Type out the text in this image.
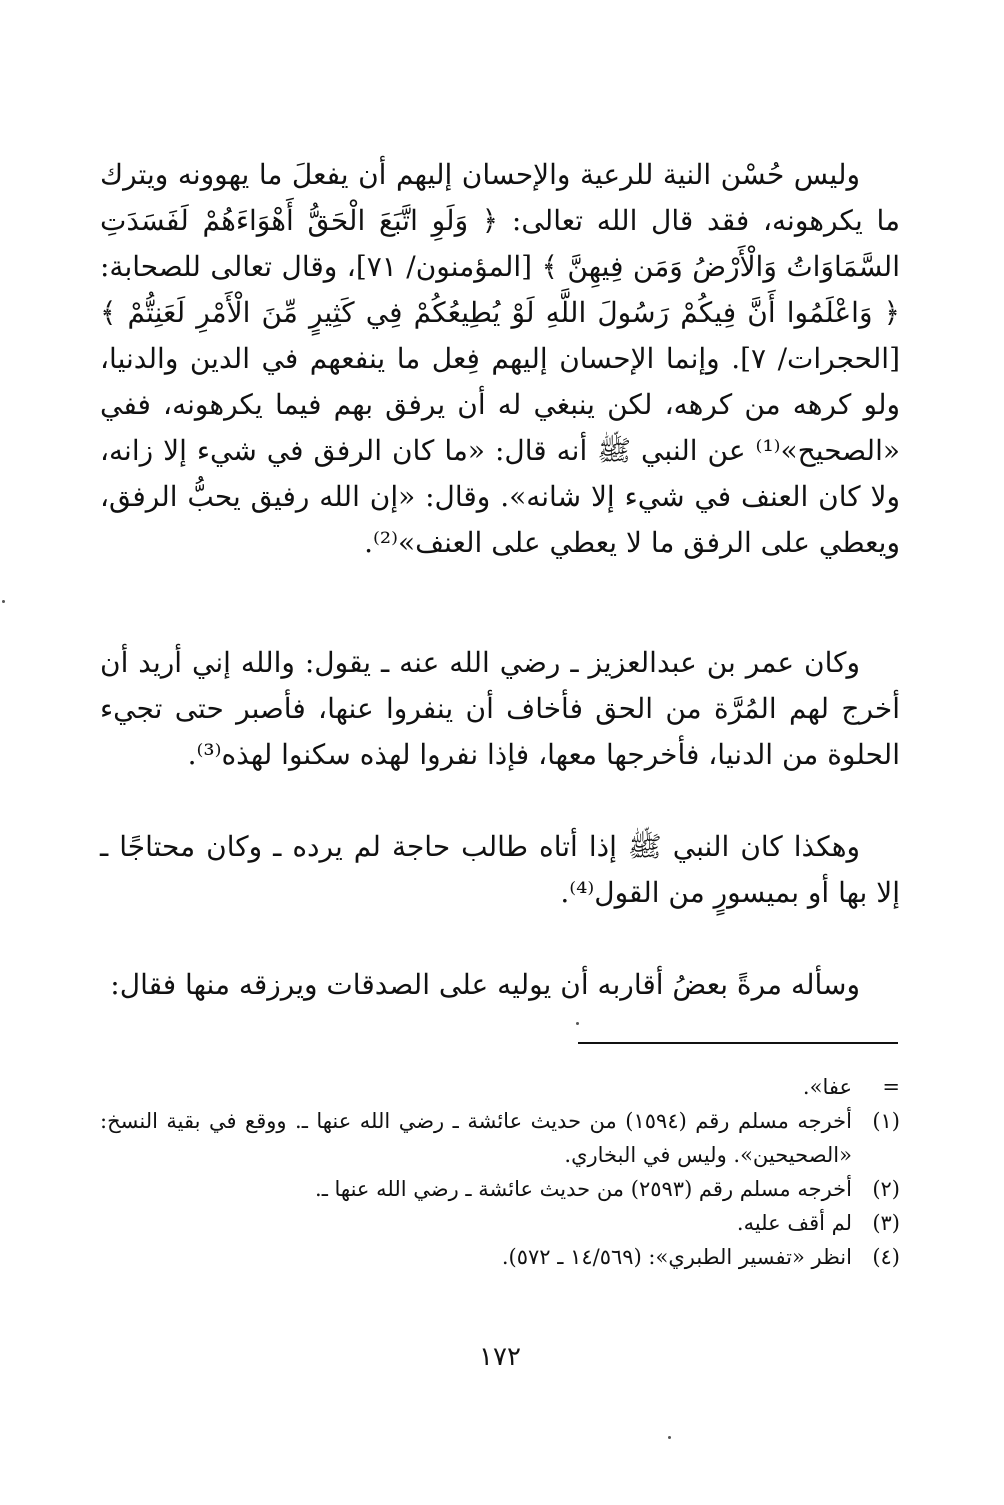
وليس حُسْن النية للرعية والإحسان إليهم أن يفعلَ ما يهوونه ويترك ما يكرهونه، فقد قال الله تعالى: ﴿ وَلَوِ اتَّبَعَ الْحَقُّ أَهْوَاءَهُمْ لَفَسَدَتِ السَّمَاوَاتُ وَالْأَرْضُ وَمَن فِيهِنَّ ﴾ [المؤمنون/ ٧١]، وقال تعالى للصحابة: ﴿ وَاعْلَمُوا أَنَّ فِيكُمْ رَسُولَ اللَّهِ لَوْ يُطِيعُكُمْ فِي كَثِيرٍ مِّنَ الْأَمْرِ لَعَنِتُّمْ ﴾ [الحجرات/ ٧]. وإنما الإحسان إليهم فِعل ما ينفعهم في الدين والدنيا، ولو كرهه من كرهه، لكن ينبغي له أن يرفق بهم فيما يكرهونه، ففي «الصحيح»⁽¹⁾ عن النبي ﷺ أنه قال: «ما كان الرفق في شيء إلا زانه، ولا كان العنف في شيء إلا شانه». وقال: «إن الله رفيق يحبُّ الرفق، ويعطي على الرفق ما لا يعطي على العنف»⁽²⁾.

وكان عمر بن عبدالعزيز ـ رضي الله عنه ـ يقول: والله إني أريد أن أخرج لهم المُرَّة من الحق فأخاف أن ينفروا عنها، فأصبر حتى تجيء الحلوة من الدنيا، فأخرجها معها، فإذا نفروا لهذه سكنوا لهذه⁽³⁾.

وهكذا كان النبي ﷺ إذا أتاه طالب حاجة لم يرده ـ وكان محتاجًا ـ إلا بها أو بميسورٍ من القول⁽⁴⁾.

وسأله مرةً بعضُ أقاربه أن يوليه على الصدقات ويرزقه منها فقال:

=
عفا».
(١)
أخرجه مسلم رقم (١٥٩٤) من حديث عائشة ـ رضي الله عنها ـ. ووقع في بقية النسخ: «الصحيحين». وليس في البخاري.
(٢)
أخرجه مسلم رقم (٢٥٩٣) من حديث عائشة ـ رضي الله عنها ـ.
(٣)
لم أقف عليه.
(٤)
انظر «تفسير الطبري»: (١٤/٥٦٩ ـ ٥٧٢).
١٧٢
